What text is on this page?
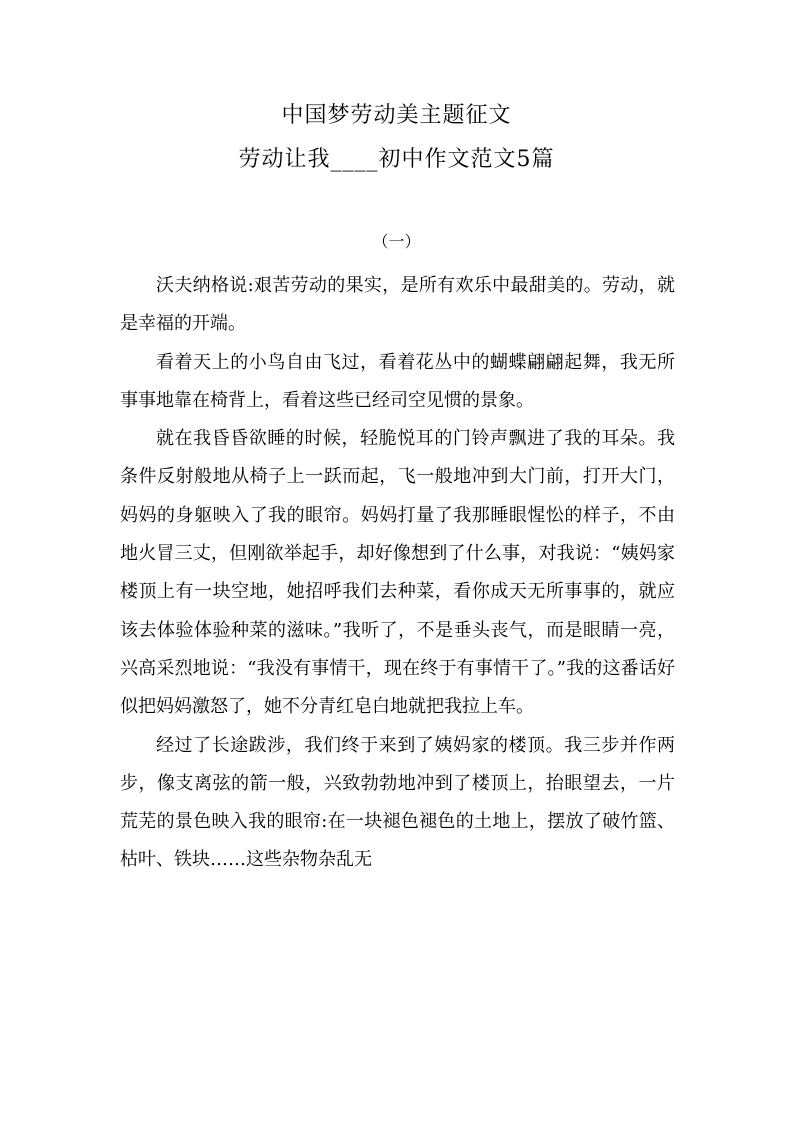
中国梦劳动美主题征文
劳动让我____初中作文范文5篇
（一）

沃夫纳格说:艰苦劳动的果实，是所有欢乐中最甜美的。劳动，就是幸福的开端。

看着天上的小鸟自由飞过，看着花丛中的蝴蝶翩翩起舞，我无所事事地靠在椅背上，看着这些已经司空见惯的景象。

就在我昏昏欲睡的时候，轻脆悦耳的门铃声飘进了我的耳朵。我条件反射般地从椅子上一跃而起，飞一般地冲到大门前，打开大门，妈妈的身躯映入了我的眼帘。妈妈打量了我那睡眼惺忪的样子，不由地火冒三丈，但刚欲举起手，却好像想到了什么事，对我说：“姨妈家楼顶上有一块空地，她招呼我们去种菜，看你成天无所事事的，就应该去体验体验种菜的滋味。”我听了，不是垂头丧气，而是眼睛一亮，兴高采烈地说：“我没有事情干，现在终于有事情干了。”我的这番话好似把妈妈激怒了，她不分青红皂白地就把我拉上车。

经过了长途跋涉，我们终于来到了姨妈家的楼顶。我三步并作两步，像支离弦的箭一般，兴致勃勃地冲到了楼顶上，抬眼望去，一片荒芜的景色映入我的眼帘:在一块褪色褪色的土地上，摆放了破竹篮、枯叶、铁块……这些杂物杂乱无
